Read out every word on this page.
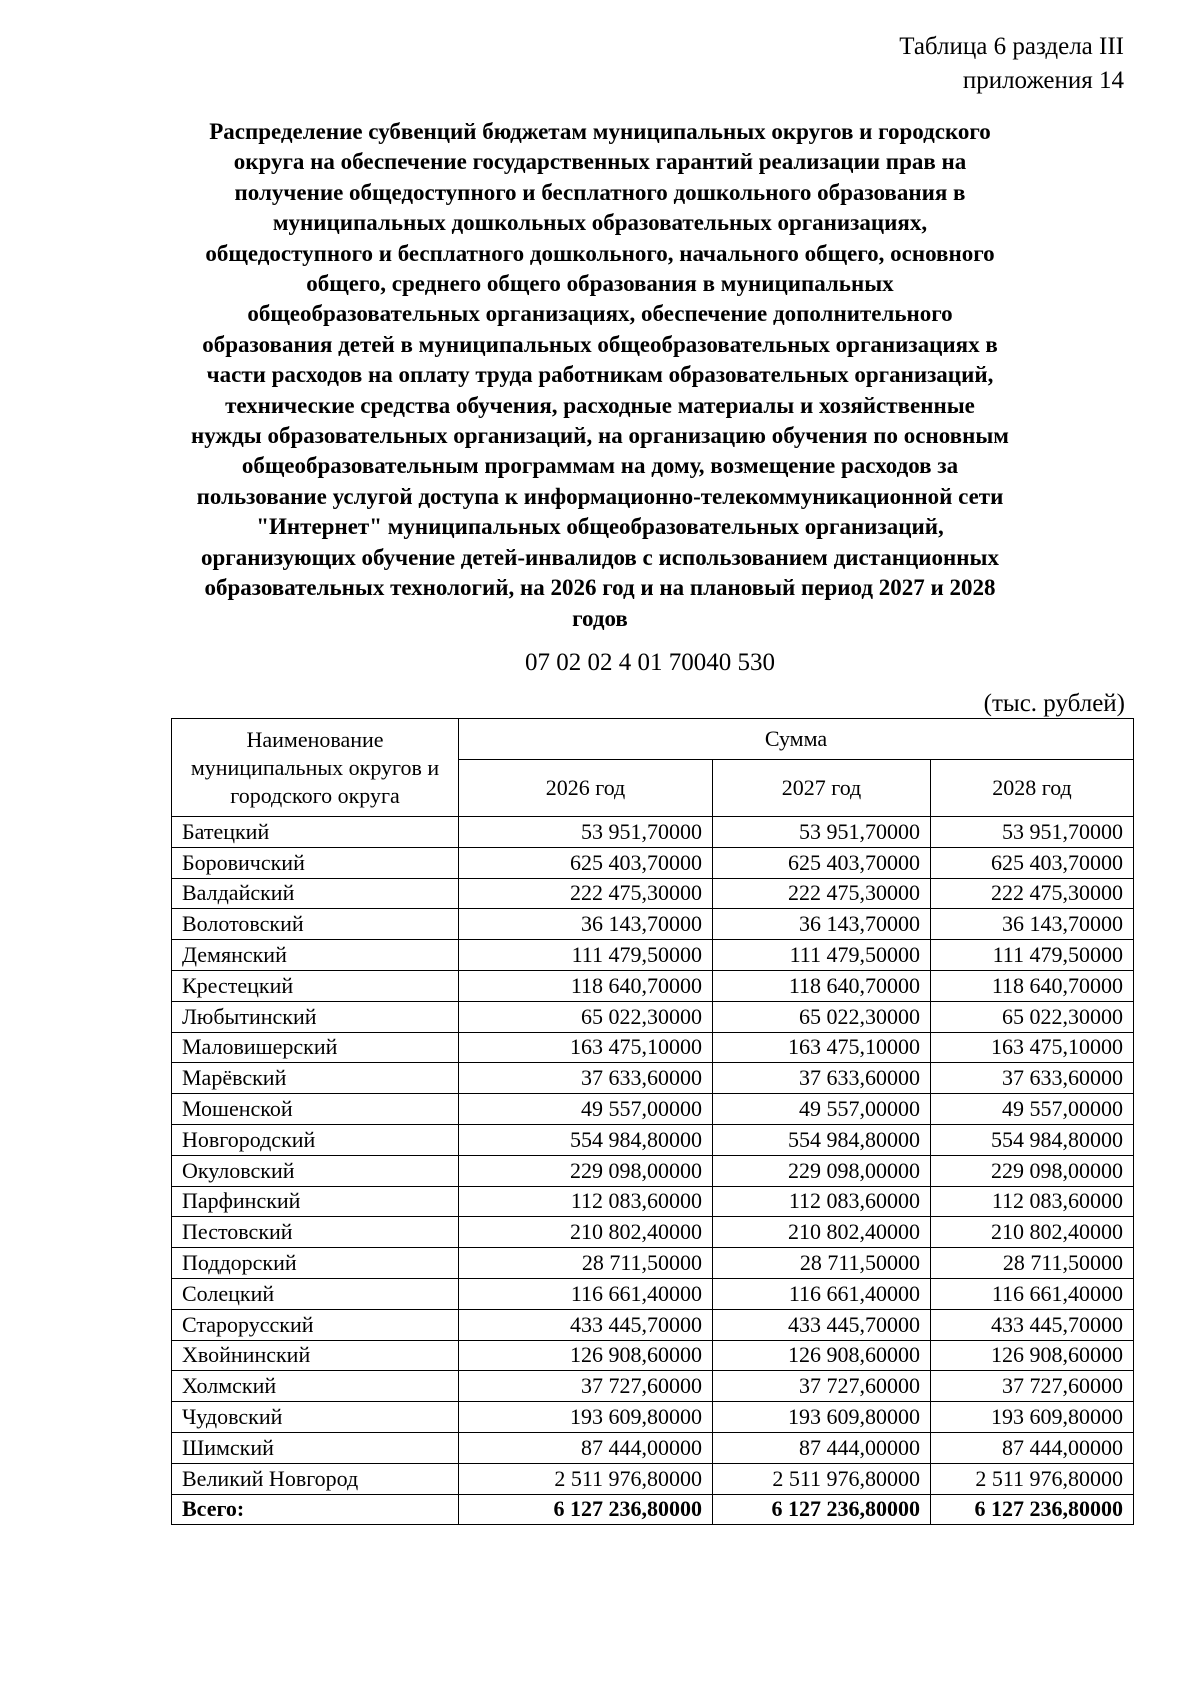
Таблица 6 раздела III
приложения 14
Распределение субвенций бюджетам муниципальных округов и городского
округа на обеспечение государственных гарантий реализации прав на
получение общедоступного и бесплатного дошкольного образования в
муниципальных дошкольных образовательных организациях,
общедоступного и бесплатного дошкольного, начального общего, основного
общего, среднего общего образования в муниципальных
общеобразовательных организациях, обеспечение дополнительного
образования детей в муниципальных общеобразовательных организациях в
части расходов на оплату труда работникам образовательных организаций,
технические средства обучения, расходные материалы и хозяйственные
нужды образовательных организаций, на организацию обучения по основным
общеобразовательным программам на дому, возмещение расходов за
пользование услугой доступа к информационно-телекоммуникационной сети
"Интернет" муниципальных общеобразовательных организаций,
организующих обучение детей-инвалидов с использованием дистанционных
образовательных технологий, на 2026 год и на плановый период 2027 и 2028
годов
07 02 02 4 01 70040 530
(тыс. рублей)
Наименование муниципальных округов и городского округа	Сумма		
	2026 год	2027 год	2028 год
Батецкий	53 951,70000	53 951,70000	53 951,70000
Боровичский	625 403,70000	625 403,70000	625 403,70000
Валдайский	222 475,30000	222 475,30000	222 475,30000
Волотовский	36 143,70000	36 143,70000	36 143,70000
Демянский	111 479,50000	111 479,50000	111 479,50000
Крестецкий	118 640,70000	118 640,70000	118 640,70000
Любытинский	65 022,30000	65 022,30000	65 022,30000
Маловишерский	163 475,10000	163 475,10000	163 475,10000
Марёвский	37 633,60000	37 633,60000	37 633,60000
Мошенской	49 557,00000	49 557,00000	49 557,00000
Новгородский	554 984,80000	554 984,80000	554 984,80000
Окуловский	229 098,00000	229 098,00000	229 098,00000
Парфинский	112 083,60000	112 083,60000	112 083,60000
Пестовский	210 802,40000	210 802,40000	210 802,40000
Поддорский	28 711,50000	28 711,50000	28 711,50000
Солецкий	116 661,40000	116 661,40000	116 661,40000
Старорусский	433 445,70000	433 445,70000	433 445,70000
Хвойнинский	126 908,60000	126 908,60000	126 908,60000
Холмский	37 727,60000	37 727,60000	37 727,60000
Чудовский	193 609,80000	193 609,80000	193 609,80000
Шимский	87 444,00000	87 444,00000	87 444,00000
Великий Новгород	2 511 976,80000	2 511 976,80000	2 511 976,80000
Всего:	6 127 236,80000	6 127 236,80000	6 127 236,80000
